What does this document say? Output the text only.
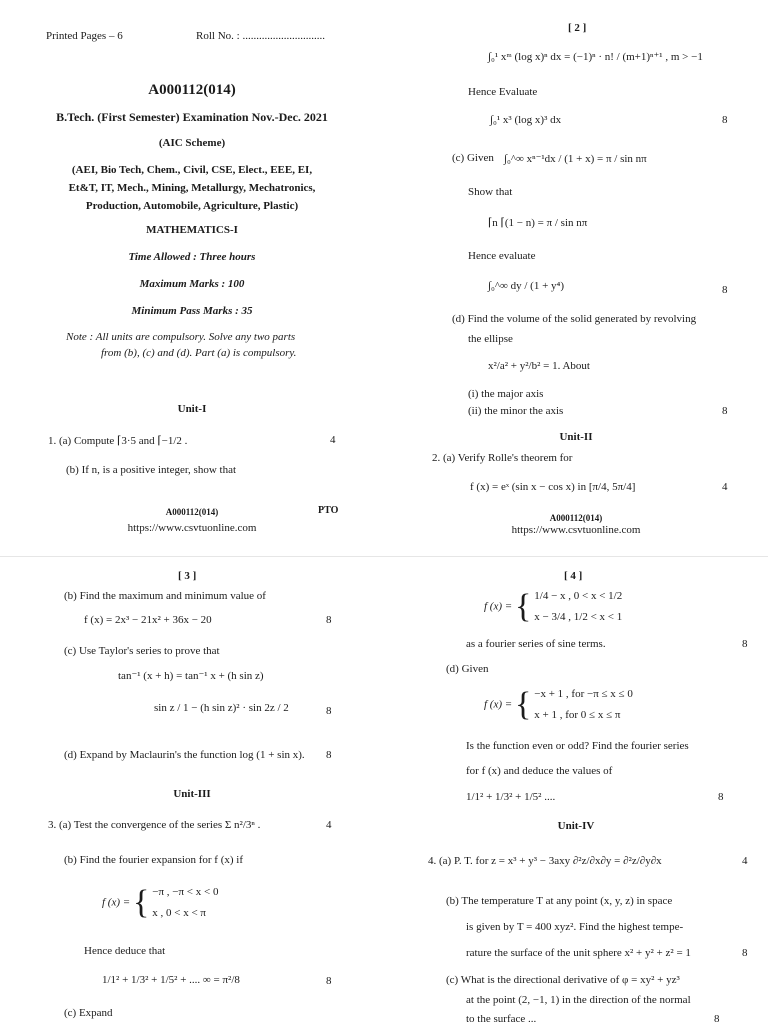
Printed Pages – 6	Roll No. : ..............................
A000112(014)
B.Tech. (First Semester) Examination Nov.-Dec. 2021
(AIC Scheme)
(AEI, Bio Tech, Chem., Civil, CSE, Elect., EEE, EI,
Et&T, IT, Mech., Mining, Metallurgy, Mechatronics,
Production, Automobile, Agriculture, Plastic)
MATHEMATICS-I
Time Allowed : Three hours
Maximum Marks : 100
Minimum Pass Marks : 35
Note : All units are compulsory. Solve any two parts
from (b), (c) and (d). Part (a) is compulsory.
Unit-I
1. (a) Compute ⌈3·5 and ⌈−1/2 .	4
(b) If n, is a positive integer, show that
A000112(014)
https://www.csvtuonline.com
PTO
[ 2 ]
∫₀¹ xᵐ (log x)ⁿ dx = (−1)ⁿ · n! / (m+1)ⁿ⁺¹ , m > −1
Hence Evaluate
∫₀¹ x³ (log x)³ dx	8
(c) Given ∫₀^∞ xⁿ⁻¹dx / (1 + x) = π / sin nπ
Show that
⌈n ⌈(1 − n) = π / sin nπ
Hence evaluate
∫₀^∞ dy / (1 + y⁴)	8
(d) Find the volume of the solid generated by revolving
the ellipse
x²/a² + y²/b² = 1. About
(i) the major axis
(ii) the minor the axis	8
Unit-II
2. (a) Verify Rolle's theorem for
f (x) = eˣ (sin x − cos x) in [π/4, 5π/4]	4
A000112(014)
https://www.csvtuonline.com
[ 3 ]
(b) Find the maximum and minimum value of
f (x) = 2x³ − 21x² + 36x − 20	8
(c) Use Taylor's series to prove that
tan⁻¹ (x + h) = tan⁻¹ x + (h sin z)
sin z / 1 − (h sin z)² · sin 2z / 2	8
(d) Expand by Maclaurin's the function log (1 + sin x). 8
Unit-III
3. (a) Test the convergence of the series Σ n²/3ⁿ .	4
(b) Find the fourier expansion for f (x) if
f (x) = { −π , −π < x < 0
x , 0 < x < π
Hence deduce that
1/1² + 1/3² + 1/5² + .... ∞ = π²/8	8
(c) Expand
[ 4 ]
f (x) = { 1/4 − x , 0 < x < 1/2
x − 3/4 , 1/2 < x < 1
as a fourier series of sine terms.	8
(d) Given
f (x) = { −x + 1 , for −π ≤ x ≤ 0
x + 1 , for 0 ≤ x ≤ π
Is the function even or odd? Find the fourier series
for f (x) and deduce the values of
1/1² + 1/3² + 1/5² ....	8
Unit-IV
4. (a) P. T. for z = x³ + y³ − 3axy ∂²z/∂x∂y = ∂²z/∂y∂x	4
(b) The temperature T at any point (x, y, z) in space
is given by T = 400 xyz². Find the highest tempe-
rature the surface of the unit sphere x² + y² + z² = 1	8
(c) What is the directional derivative of φ = xy² + yz³
at the point (2, −1, 1) in the direction of the normal
to the surface ...	8
